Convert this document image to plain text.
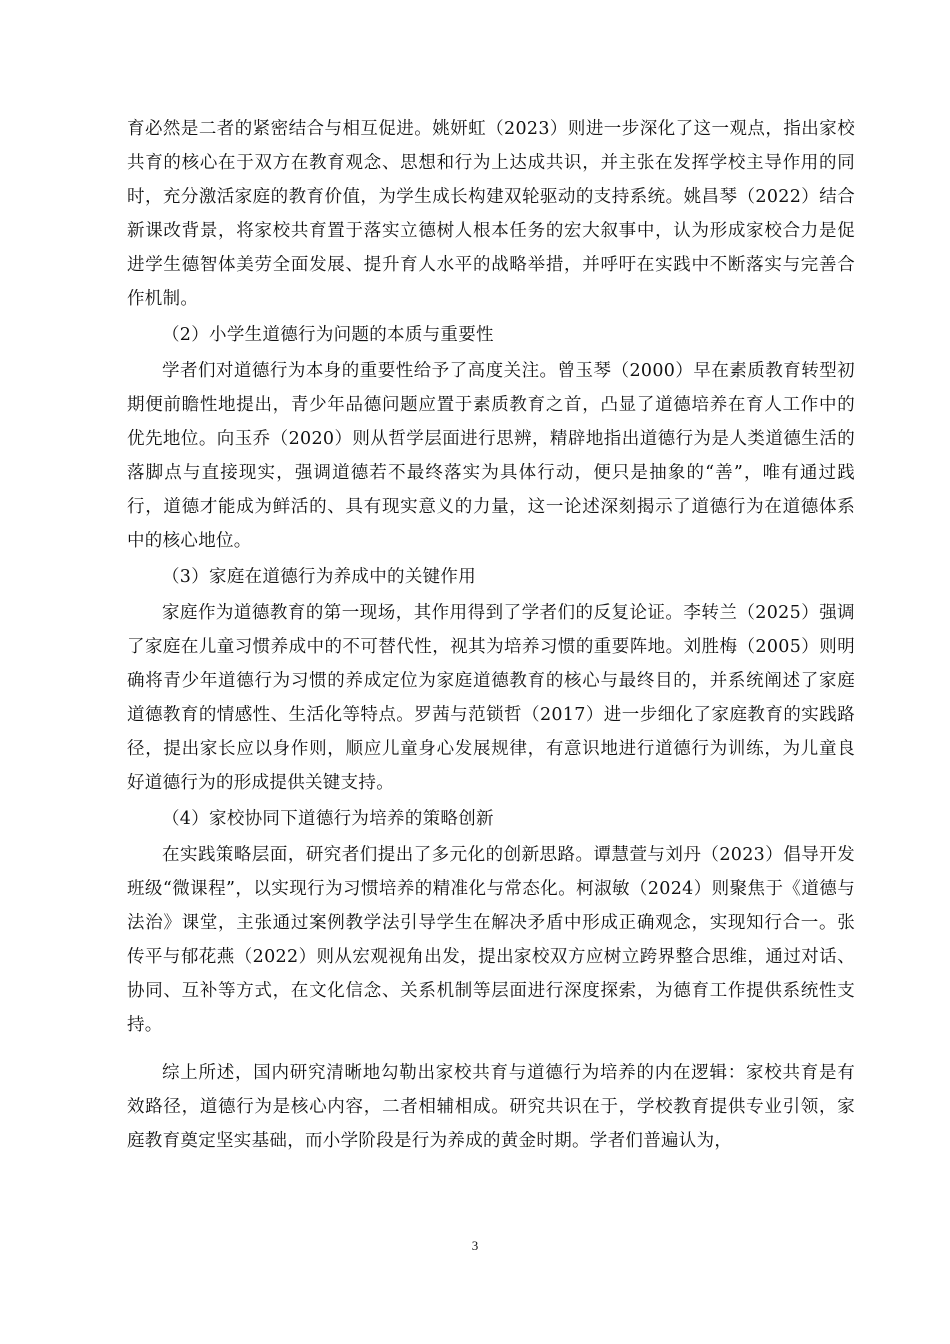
育必然是二者的紧密结合与相互促进。姚妍虹（2023）则进一步深化了这一观点，指出家校共育的核心在于双方在教育观念、思想和行为上达成共识，并主张在发挥学校主导作用的同时，充分激活家庭的教育价值，为学生成长构建双轮驱动的支持系统。姚昌琴（2022）结合新课改背景，将家校共育置于落实立德树人根本任务的宏大叙事中，认为形成家校合力是促进学生德智体美劳全面发展、提升育人水平的战略举措，并呼吁在实践中不断落实与完善合作机制。

（2）小学生道德行为问题的本质与重要性

学者们对道德行为本身的重要性给予了高度关注。曾玉琴（2000）早在素质教育转型初期便前瞻性地提出，青少年品德问题应置于素质教育之首，凸显了道德培养在育人工作中的优先地位。向玉乔（2020）则从哲学层面进行思辨，精辟地指出道德行为是人类道德生活的落脚点与直接现实，强调道德若不最终落实为具体行动，便只是抽象的“善”，唯有通过践行，道德才能成为鲜活的、具有现实意义的力量，这一论述深刻揭示了道德行为在道德体系中的核心地位。

（3）家庭在道德行为养成中的关键作用

家庭作为道德教育的第一现场，其作用得到了学者们的反复论证。李转兰（2025）强调了家庭在儿童习惯养成中的不可替代性，视其为培养习惯的重要阵地。刘胜梅（2005）则明确将青少年道德行为习惯的养成定位为家庭道德教育的核心与最终目的，并系统阐述了家庭道德教育的情感性、生活化等特点。罗茜与范锁哲（2017）进一步细化了家庭教育的实践路径，提出家长应以身作则，顺应儿童身心发展规律，有意识地进行道德行为训练，为儿童良好道德行为的形成提供关键支持。

（4）家校协同下道德行为培养的策略创新

在实践策略层面，研究者们提出了多元化的创新思路。谭慧萱与刘丹（2023）倡导开发班级“微课程”，以实现行为习惯培养的精准化与常态化。柯淑敏（2024）则聚焦于《道德与法治》课堂，主张通过案例教学法引导学生在解决矛盾中形成正确观念，实现知行合一。张传平与郁花燕（2022）则从宏观视角出发，提出家校双方应树立跨界整合思维，通过对话、协同、互补等方式，在文化信念、关系机制等层面进行深度探索，为德育工作提供系统性支持。

综上所述，国内研究清晰地勾勒出家校共育与道德行为培养的内在逻辑：家校共育是有效路径，道德行为是核心内容，二者相辅相成。研究共识在于，学校教育提供专业引领，家庭教育奠定坚实基础，而小学阶段是行为养成的黄金时期。学者们普遍认为，

3
